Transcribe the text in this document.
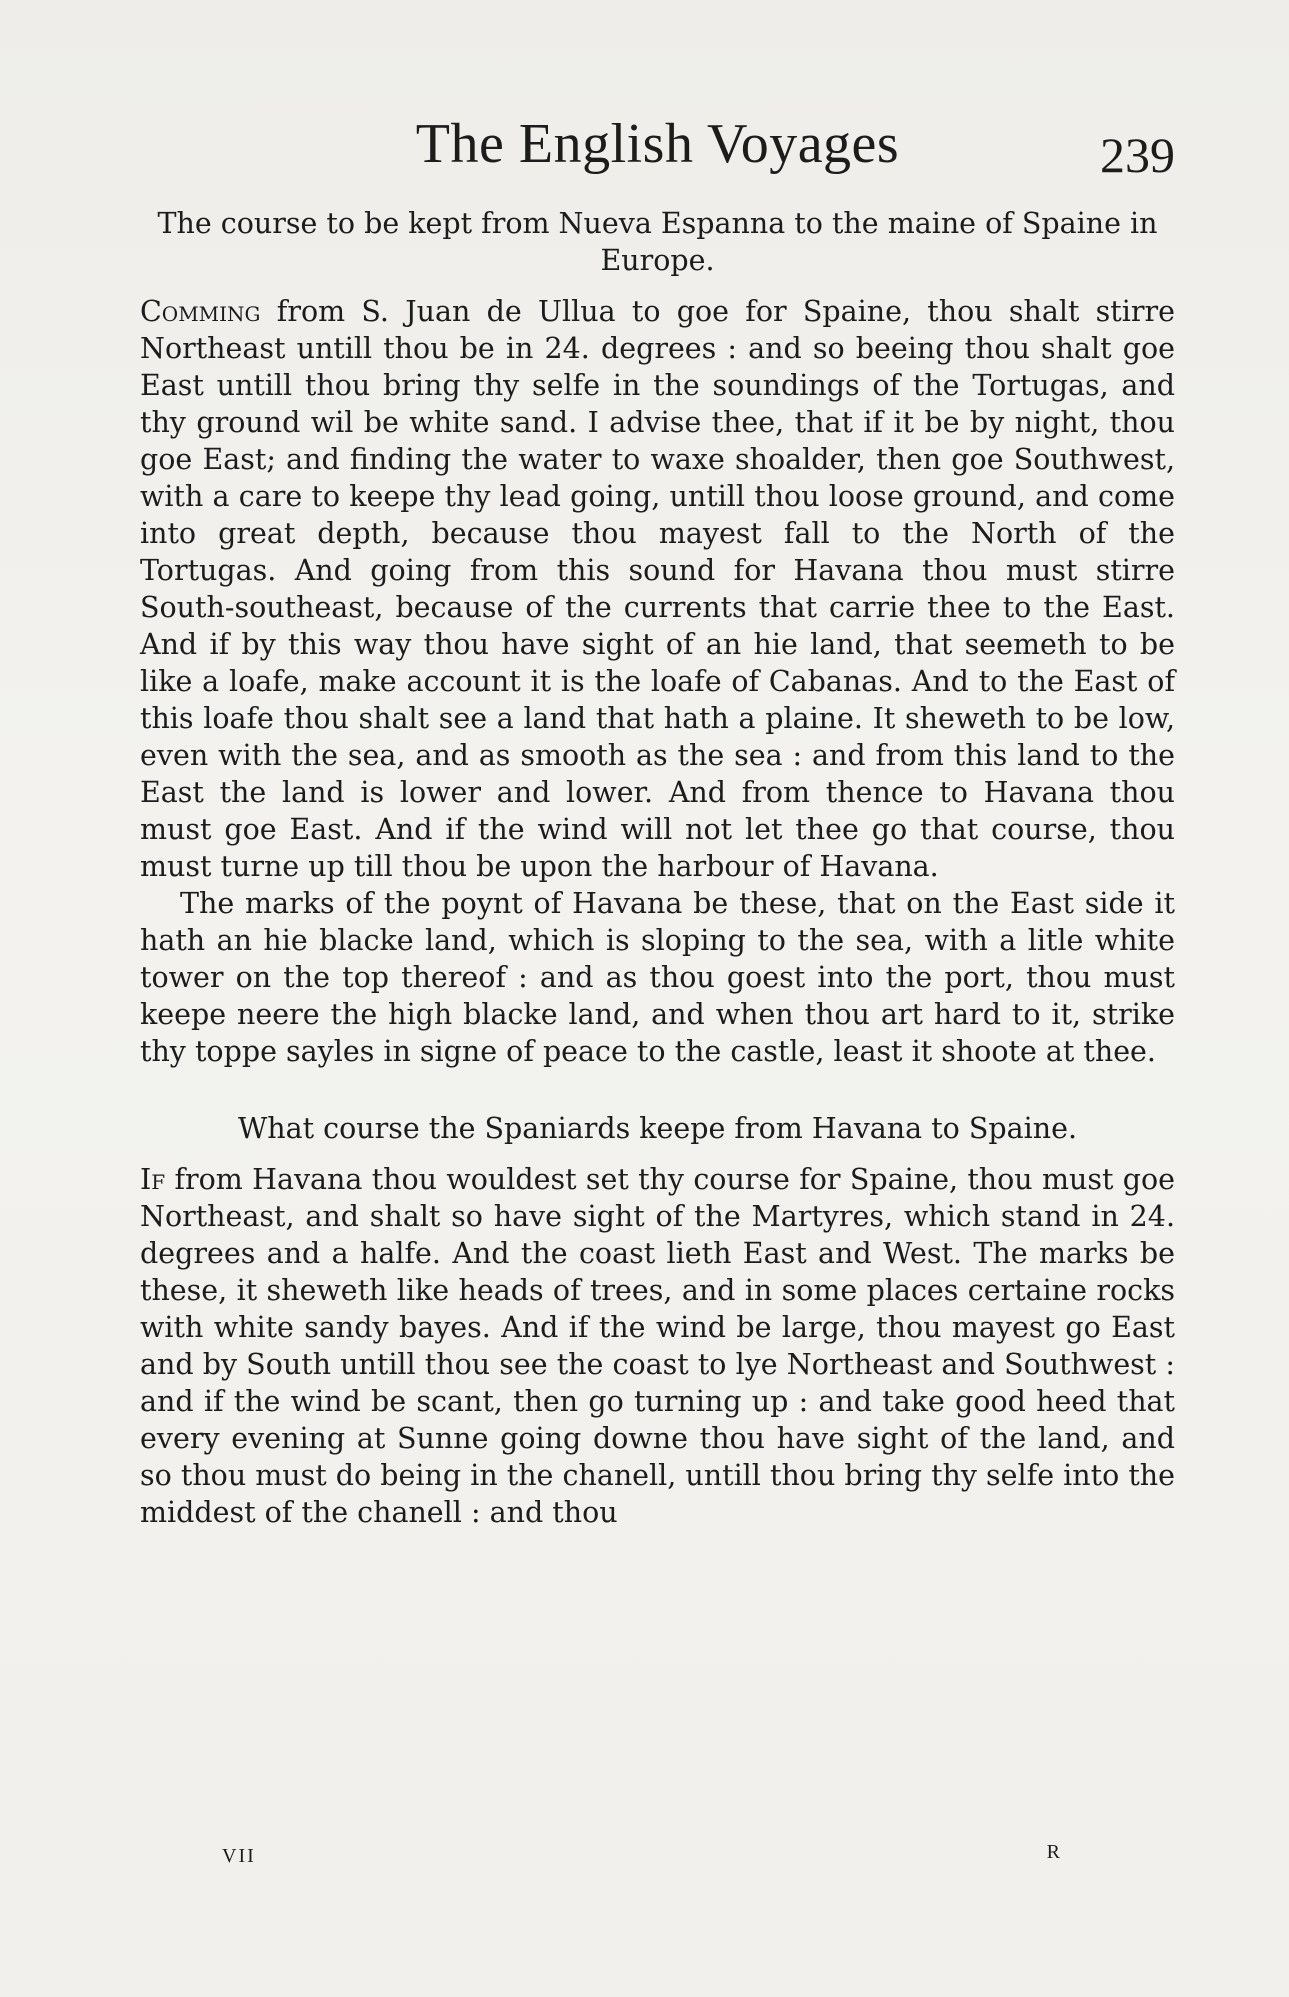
The English Voyages	239
The course to be kept from Nueva Espanna to the maine of Spaine in Europe.

Comming from S. Juan de Ullua to goe for Spaine, thou shalt stirre Northeast untill thou be in 24. degrees : and so beeing thou shalt goe East untill thou bring thy selfe in the soundings of the Tortugas, and thy ground wil be white sand. I advise thee, that if it be by night, thou goe East; and finding the water to waxe shoalder, then goe Southwest, with a care to keepe thy lead going, untill thou loose ground, and come into great depth, because thou mayest fall to the North of the Tortugas. And going from this sound for Havana thou must stirre South-southeast, because of the currents that carrie thee to the East. And if by this way thou have sight of an hie land, that seemeth to be like a loafe, make account it is the loafe of Cabanas. And to the East of this loafe thou shalt see a land that hath a plaine. It sheweth to be low, even with the sea, and as smooth as the sea : and from this land to the East the land is lower and lower. And from thence to Havana thou must goe East. And if the wind will not let thee go that course, thou must turne up till thou be upon the harbour of Havana.

The marks of the poynt of Havana be these, that on the East side it hath an hie blacke land, which is sloping to the sea, with a litle white tower on the top thereof : and as thou goest into the port, thou must keepe neere the high blacke land, and when thou art hard to it, strike thy toppe sayles in signe of peace to the castle, least it shoote at thee.

What course the Spaniards keepe from Havana to Spaine.

If from Havana thou wouldest set thy course for Spaine, thou must goe Northeast, and shalt so have sight of the Martyres, which stand in 24. degrees and a halfe. And the coast lieth East and West. The marks be these, it sheweth like heads of trees, and in some places certaine rocks with white sandy bayes. And if the wind be large, thou mayest go East and by South untill thou see the coast to lye Northeast and Southwest : and if the wind be scant, then go turning up : and take good heed that every evening at Sunne going downe thou have sight of the land, and so thou must do being in the chanell, untill thou bring thy selfe into the middest of the chanell : and thou

VII	R
